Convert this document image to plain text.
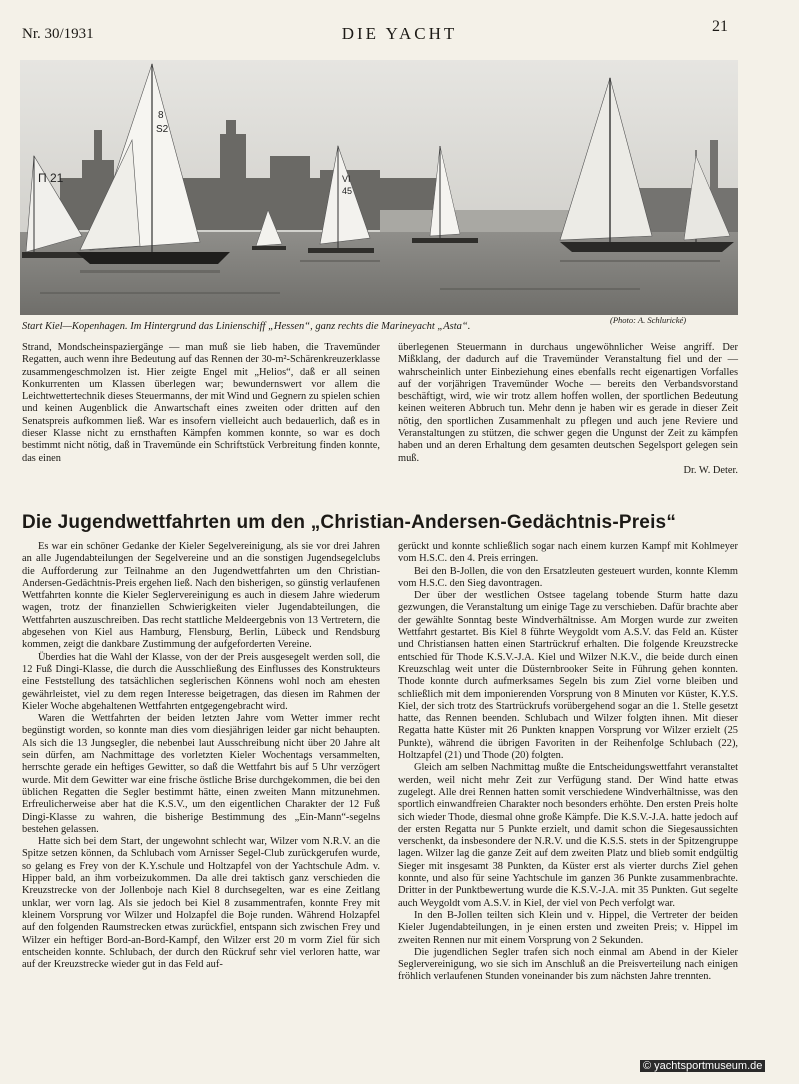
Nr. 30/1931	DIE YACHT	21
Π 21
8
S2
VI
45
Start Kiel—Kopenhagen. Im Hintergrund das Linienschiff „Hessen“, ganz rechts die Marineyacht „Asta“.
(Photo: A. Schlurické)

Strand, Mondscheinspaziergänge — man muß sie lieb haben, die Travemünder Regatten, auch wenn ihre Bedeutung auf das Rennen der 30-m²-Schärenkreuzerklasse zusammengeschmolzen ist. Hier zeigte Engel mit „Helios“, daß er all seinen Konkurrenten um Klassen überlegen war; bewundernswert vor allem die Leichtwettertechnik dieses Steuermanns, der mit Wind und Gegnern zu spielen schien und keinen Augenblick die Anwartschaft eines zweiten oder dritten auf den Senatspreis aufkommen ließ. War es insofern vielleicht auch bedauerlich, daß es in dieser Klasse nicht zu ernsthaften Kämpfen kommen konnte, so war es doch bestimmt nicht nötig, daß in Travemünde ein Schriftstück Verbreitung finden konnte, das einen

überlegenen Steuermann in durchaus ungewöhnlicher Weise angriff. Der Mißklang, der dadurch auf die Travemünder Veranstaltung fiel und der — wahrscheinlich unter Einbeziehung eines ebenfalls recht eigenartigen Vorfalles auf der vorjährigen Travemünder Woche — bereits den Verbandsvorstand beschäftigt, wird, wie wir trotz allem hoffen wollen, der sportlichen Bedeutung keinen weiteren Abbruch tun. Mehr denn je haben wir es gerade in dieser Zeit nötig, den sportlichen Zusammenhalt zu pflegen und auch jene Reviere und Veranstaltungen zu stützen, die schwer gegen die Ungunst der Zeit zu kämpfen haben und an deren Erhaltung dem gesamten deutschen Segelsport gelegen sein muß.

Dr. W. Deter.
Die Jugendwettfahrten um den „Christian-Andersen-Gedächtnis-Preis“

Es war ein schöner Gedanke der Kieler Segelvereinigung, als sie vor drei Jahren an alle Jugendabteilungen der Segelvereine und an die sonstigen Jugendsegelclubs die Aufforderung zur Teilnahme an den Jugendwettfahrten um den Christian-Andersen-Gedächtnis-Preis ergehen ließ. Nach den bisherigen, so günstig verlaufenen Wettfahrten konnte die Kieler Seglervereinigung es auch in diesem Jahre wiederum wagen, trotz der finanziellen Schwierigkeiten vieler Jugendabteilungen, die Wettfahrten auszuschreiben. Das recht stattliche Meldeergebnis von 13 Vertretern, die abgesehen von Kiel aus Hamburg, Flensburg, Berlin, Lübeck und Rendsburg kommen, zeigt die dankbare Zustimmung der aufgeforderten Vereine.

Überdies hat die Wahl der Klasse, von der der Preis ausgesegelt werden soll, die 12 Fuß Dingi-Klasse, die durch die Ausschließung des Einflusses des Konstrukteurs eine Feststellung des tatsächlichen seglerischen Könnens wohl noch am ehesten gewährleistet, viel zu dem regen Interesse beigetragen, das diesen im Rahmen der Kieler Woche abgehaltenen Wettfahrten entgegengebracht wird.

Waren die Wettfahrten der beiden letzten Jahre vom Wetter immer recht begünstigt worden, so konnte man dies vom diesjährigen leider gar nicht behaupten. Als sich die 13 Jungsegler, die nebenbei laut Ausschreibung nicht über 20 Jahre alt sein dürfen, am Nachmittage des vorletzten Kieler Wochentags versammelten, herrschte gerade ein heftiges Gewitter, so daß die Wettfahrt bis auf 5 Uhr verzögert wurde. Mit dem Gewitter war eine frische östliche Brise durchgekommen, die bei den üblichen Regatten die Segler bestimmt hätte, einen zweiten Mann mitzunehmen. Erfreulicherweise aber hat die K.S.V., um den eigentlichen Charakter der 12 Fuß Dingi-Klasse zu wahren, die bisherige Bestimmung des „Ein-Mann“-segelns bestehen gelassen.

Hatte sich bei dem Start, der ungewohnt schlecht war, Wilzer vom N.R.V. an die Spitze setzen können, da Schlubach vom Arnisser Segel-Club zurückgerufen wurde, so gelang es Frey von der K.Y.schule und Holtzapfel von der Yachtschule Adm. v. Hipper bald, an ihm vorbeizukommen. Da alle drei taktisch ganz verschieden die Kreuzstrecke von der Jollenboje nach Kiel 8 durchsegelten, war es eine Zeitlang unklar, wer vorn lag. Als sie jedoch bei Kiel 8 zusammentrafen, konnte Frey mit kleinem Vorsprung vor Wilzer und Holzapfel die Boje runden. Während Holzapfel auf den folgenden Raumstrecken etwas zurückfiel, entspann sich zwischen Frey und Wilzer ein heftiger Bord-an-Bord-Kampf, den Wilzer erst 20 m vorm Ziel für sich entscheiden konnte. Schlubach, der durch den Rückruf sehr viel verloren hatte, war auf der Kreuzstrecke wieder gut in das Feld auf-

gerückt und konnte schließlich sogar nach einem kurzen Kampf mit Kohlmeyer vom H.S.C. den 4. Preis erringen.

Bei den B-Jollen, die von den Ersatzleuten gesteuert wurden, konnte Klemm vom H.S.C. den Sieg davontragen.

Der über der westlichen Ostsee tagelang tobende Sturm hatte dazu gezwungen, die Veranstaltung um einige Tage zu verschieben. Dafür brachte aber der gewählte Sonntag beste Windverhältnisse. Am Morgen wurde zur zweiten Wettfahrt gestartet. Bis Kiel 8 führte Weygoldt vom A.S.V. das Feld an. Küster und Christiansen hatten einen Startrückruf erhalten. Die folgende Kreuzstrecke entschied für Thode K.S.V.-J.A. Kiel und Wilzer N.K.V., die beide durch einen Kreuzschlag weit unter die Düsternbrooker Seite in Führung gehen konnten. Thode konnte durch aufmerksames Segeln bis zum Ziel vorne bleiben und schließlich mit dem imponierenden Vorsprung von 8 Minuten vor Küster, K.Y.S. Kiel, der sich trotz des Startrückrufs vorübergehend sogar an die 1. Stelle gesetzt hatte, das Rennen beenden. Schlubach und Wilzer folgten ihnen. Mit dieser Regatta hatte Küster mit 26 Punkten knappen Vorsprung vor Wilzer erzielt (25 Punkte), während die übrigen Favoriten in der Reihenfolge Schlubach (22), Holtzapfel (21) und Thode (20) folgten.

Gleich am selben Nachmittag mußte die Entscheidungswettfahrt veranstaltet werden, weil nicht mehr Zeit zur Verfügung stand. Der Wind hatte etwas zugelegt. Alle drei Rennen hatten somit verschiedene Windverhältnisse, was den sportlich einwandfreien Charakter noch besonders erhöhte. Den ersten Preis holte sich wieder Thode, diesmal ohne große Kämpfe. Die K.S.V.-J.A. hatte jedoch auf der ersten Regatta nur 5 Punkte erzielt, und damit schon die Siegesaussichten verschenkt, da insbesondere der N.R.V. und die K.S.S. stets in der Spitzengruppe lagen. Wilzer lag die ganze Zeit auf dem zweiten Platz und blieb somit endgültig Sieger mit insgesamt 38 Punkten, da Küster erst als vierter durchs Ziel gehen konnte, und also für seine Yachtschule im ganzen 36 Punkte zusammenbrachte. Dritter in der Punktbewertung wurde die K.S.V.-J.A. mit 35 Punkten. Gut segelte auch Weygoldt vom A.S.V. in Kiel, der viel von Pech verfolgt war.

In den B-Jollen teilten sich Klein und v. Hippel, die Vertreter der beiden Kieler Jugendabteilungen, in je einen ersten und zweiten Preis; v. Hippel im zweiten Rennen nur mit einem Vorsprung von 2 Sekunden.

Die jugendlichen Segler trafen sich noch einmal am Abend in der Kieler Seglervereinigung, wo sie sich im Anschluß an die Preisverteilung nach einigen fröhlich verlaufenen Stunden voneinander bis zum nächsten Jahre trennten.

© yachtsportmuseum.de
